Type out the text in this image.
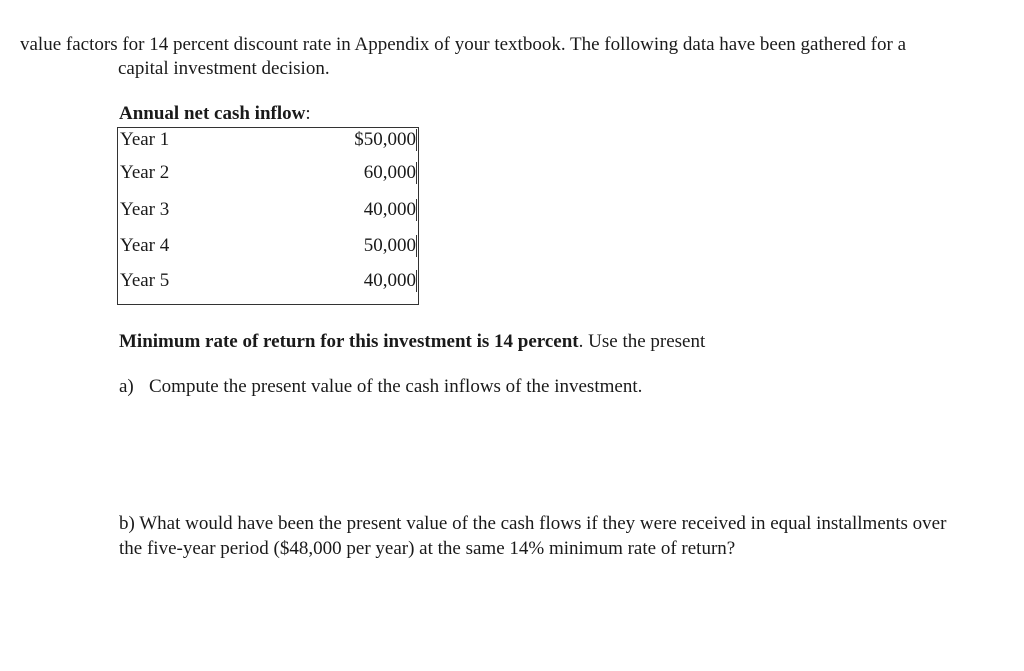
value factors for 14 percent discount rate in Appendix of your textbook. The following data have been gathered for a
capital investment decision.
Annual net cash inflow:
Year 1	$50,000
Year 2	60,000
Year 3	40,000
Year 4	50,000
Year 5	40,000
Minimum rate of return for this investment is 14 percent. Use the present
a) Compute the present value of the cash inflows of the investment.
b) What would have been the present value of the cash flows if they were received in equal installments over
the five-year period ($48,000 per year) at the same 14% minimum rate of return?
